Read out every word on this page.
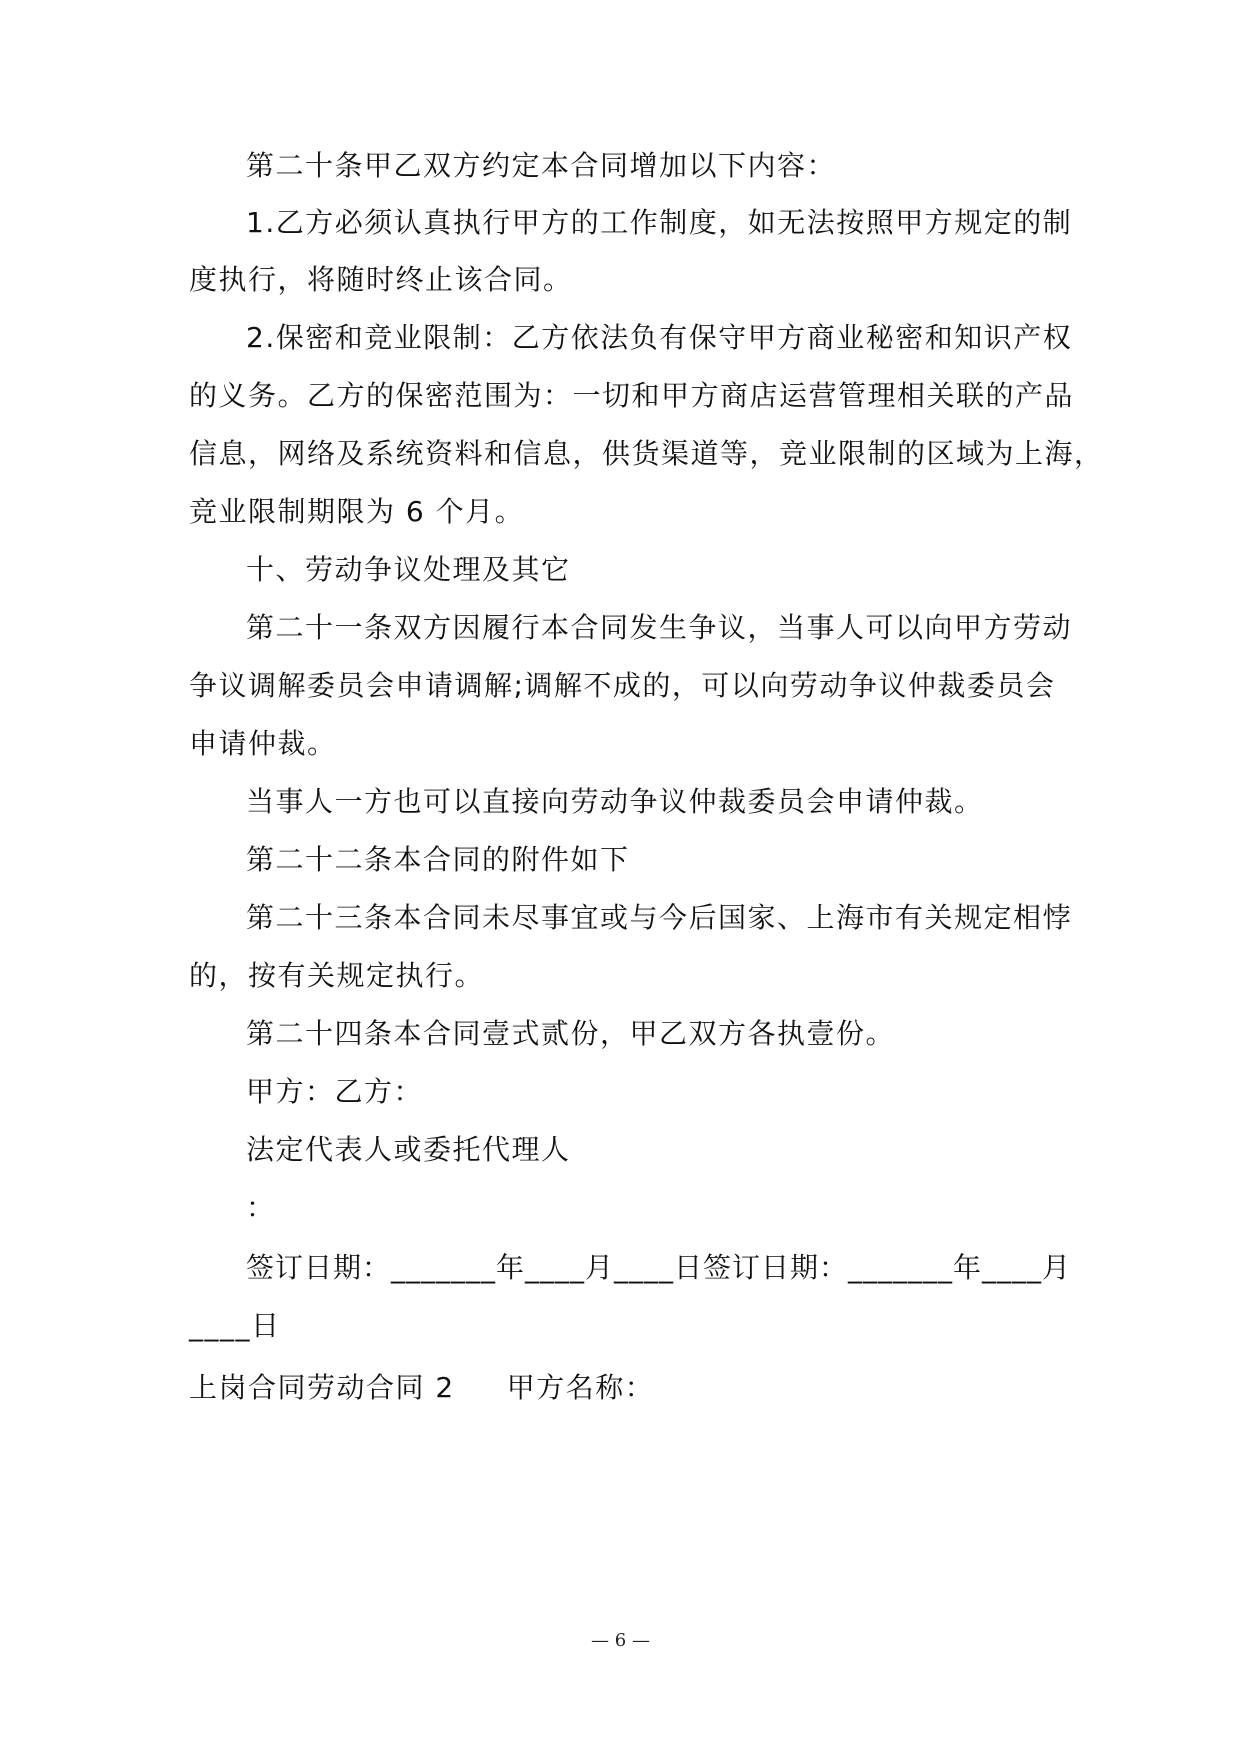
第二十条甲乙双方约定本合同增加以下内容：
1.乙方必须认真执行甲方的工作制度，如无法按照甲方规定的制
度执行，将随时终止该合同。
2.保密和竞业限制：乙方依法负有保守甲方商业秘密和知识产权
的义务。乙方的保密范围为：一切和甲方商店运营管理相关联的产品
信息，网络及系统资料和信息，供货渠道等，竞业限制的区域为上海，
竞业限制期限为 6 个月。
十、劳动争议处理及其它
第二十一条双方因履行本合同发生争议，当事人可以向甲方劳动
争议调解委员会申请调解;调解不成的，可以向劳动争议仲裁委员会
申请仲裁。
当事人一方也可以直接向劳动争议仲裁委员会申请仲裁。
第二十二条本合同的附件如下
第二十三条本合同未尽事宜或与今后国家、上海市有关规定相悖
的，按有关规定执行。
第二十四条本合同壹式贰份，甲乙双方各执壹份。
甲方：乙方：
法定代表人或委托代理人
：
签订日期：_______年____月____日签订日期：_______年____月
____日
上岗合同劳动合同 2 甲方名称：
— 6 —
